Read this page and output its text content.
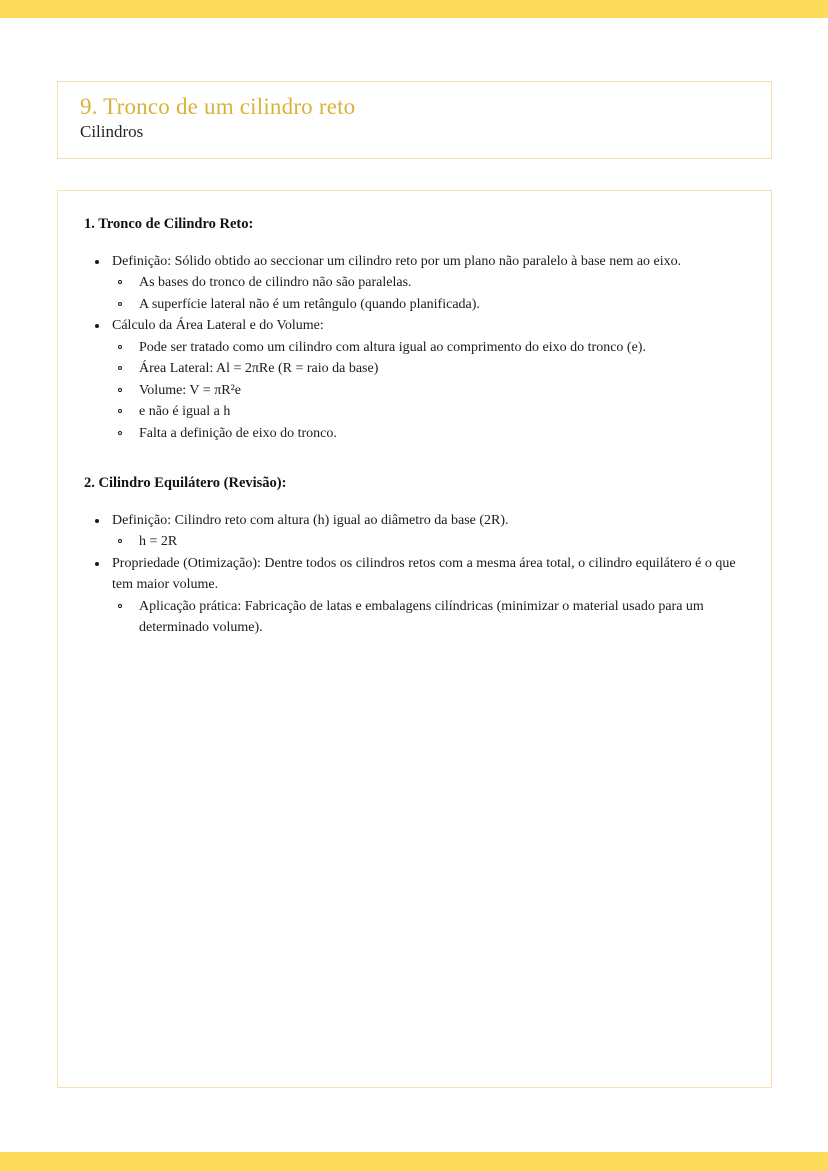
9. Tronco de um cilindro reto
Cilindros
1. Tronco de Cilindro Reto:
Definição: Sólido obtido ao seccionar um cilindro reto por um plano não paralelo à base nem ao eixo.
As bases do tronco de cilindro não são paralelas.
A superfície lateral não é um retângulo (quando planificada).
Cálculo da Área Lateral e do Volume:
Pode ser tratado como um cilindro com altura igual ao comprimento do eixo do tronco (e).
Área Lateral: Al = 2πRe (R = raio da base)
Volume: V = πR²e
e não é igual a h
Falta a definição de eixo do tronco.
2. Cilindro Equilátero (Revisão):
Definição: Cilindro reto com altura (h) igual ao diâmetro da base (2R).
h = 2R
Propriedade (Otimização): Dentre todos os cilindros retos com a mesma área total, o cilindro equilátero é o que tem maior volume.
Aplicação prática: Fabricação de latas e embalagens cilíndricas (minimizar o material usado para um determinado volume).
